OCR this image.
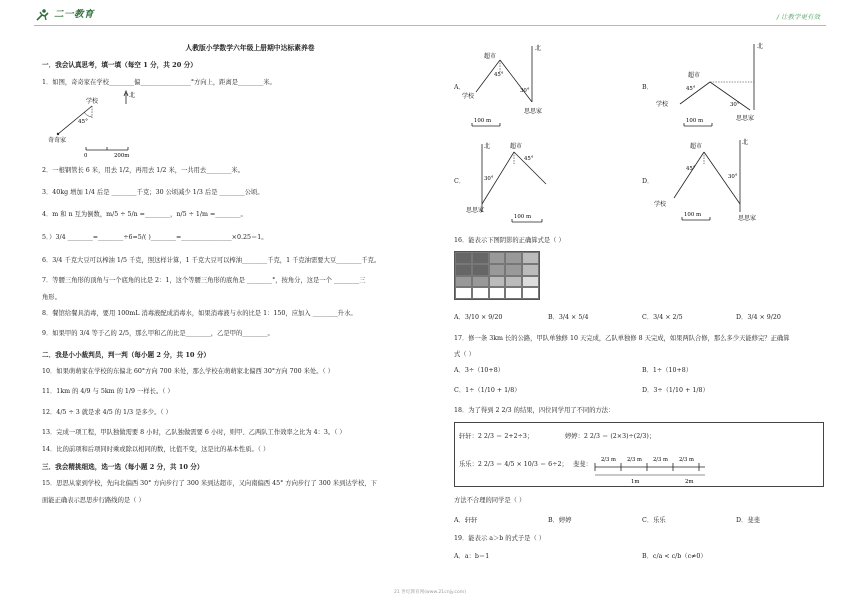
二一教育	/ 让教学更有效
人教版小学数学六年级上册期中达标素养卷
一．我会认真思考，填一填（每空 1 分，共 20 分）
1．如图，奇奇家在学校________偏________________°方向上，距离是________米。
北
学校
45°
奇奇家
0	200m
2．一根钢管长 6 米，用去 1/2，再用去 1/2 米，一共用去________米。
3．40kg 增加 1/4 后是 ________千克；30 公顷减少 1/3 后是 ________公顷。
4．m 和 n 互为倒数，m/5 ÷ 5/n =________，n/5 ÷ 1/m =________。
5．）3/4 ________=________÷6=5/( )________=________________×0.25＝1。
6．3/4 千克大豆可以榨油 1/5 千克，照这样计算，1 千克大豆可以榨油________千克，1 千克油需要大豆________千克。
7．等腰三角形的顶角与一个底角的比是 2：1，这个等腰三角形的底角是 ________°，按角分，这是一个 ________三
角形。
8．餐馆给餐具消毒，要用 100mL 消毒液配成消毒水，如果消毒液与水的比是 1：150，应加入 ________升水。
9．如果甲的 3/4 等于乙的 2/5，那么甲和乙的比是________，乙是甲的________。
二．我是小小裁判员，判一判（每小题 2 分，共 10 分）
10．如果萌萌家在学校的东偏北 60°方向 700 米处，那么学校在萌萌家北偏西 30°方向 700 米处。（ ）
11．1km 的 4/9 与 5km 的 1/9 一样长。（ ）
12．4/5 ÷ 3 就是求 4/5 的 1/3 是多少。（ ）
13．完成一项工程，甲队独做需要 8 小时，乙队独做需要 6 小时，则甲、乙两队工作效率之比为 4：3。（ ）
14．比的前项和后项同时乘或除以相同的数，比值不变，这是比的基本性质。（ ）
三．我会精挑细选，选一选（每小题 2 分，共 10 分）
15．思思从家到学校，先向北偏西 30° 方向步行了 300 米到达超市，又向南偏西 45° 方向步行了 300 米到达学校，下
面能正确表示思思步行路线的是（ ）
A．
北
超市
45°
30°
学校
思思家
100 m
B．
北
超市
45°
30°
学校
思思家
100 m
C．
北	超市
45°
30°
思思家
100 m
D．
北
超市
45°
30°
学校
思思家
100 m
16．能表示下图阴影的正确算式是（ ）
A．3/10 × 9/20	B．3/4 × 5/4	C．3/4 × 2/5	D．3/4 × 9/20
17．修一条 3km 长的公路，甲队单独修 10 天完成，乙队单独修 8 天完成，如果两队合修，那么多少天能修完？正确算
式（ ）
A．3÷（10+8）	B．1÷（10+8）
C．1÷（1/10 + 1/8）	D．3÷（1/10 + 1/8）
18．为了得到 2 2/3 的结果，四位同学用了不同的方法：
轩轩：2 2/3 ＝ 2+2÷3；	婷婷：2 2/3 ＝ (2×3)÷(2/3)；
乐乐：2 2/3 ＝ 4/5 × 10/3 ＝ 6÷2； 斐斐：
2/3 m 2/3 m 2/3 m 2/3 m
1m	2m
方法不合理的同学是（ ）
A．轩轩	B．婷婷	C．乐乐	D．斐斐
19．能表示 a＞b 的式子是（ ）
A．a：b＝1	B．c/a < c/b（c≠0）
21 世纪教育网(www.21cnjy.com)
